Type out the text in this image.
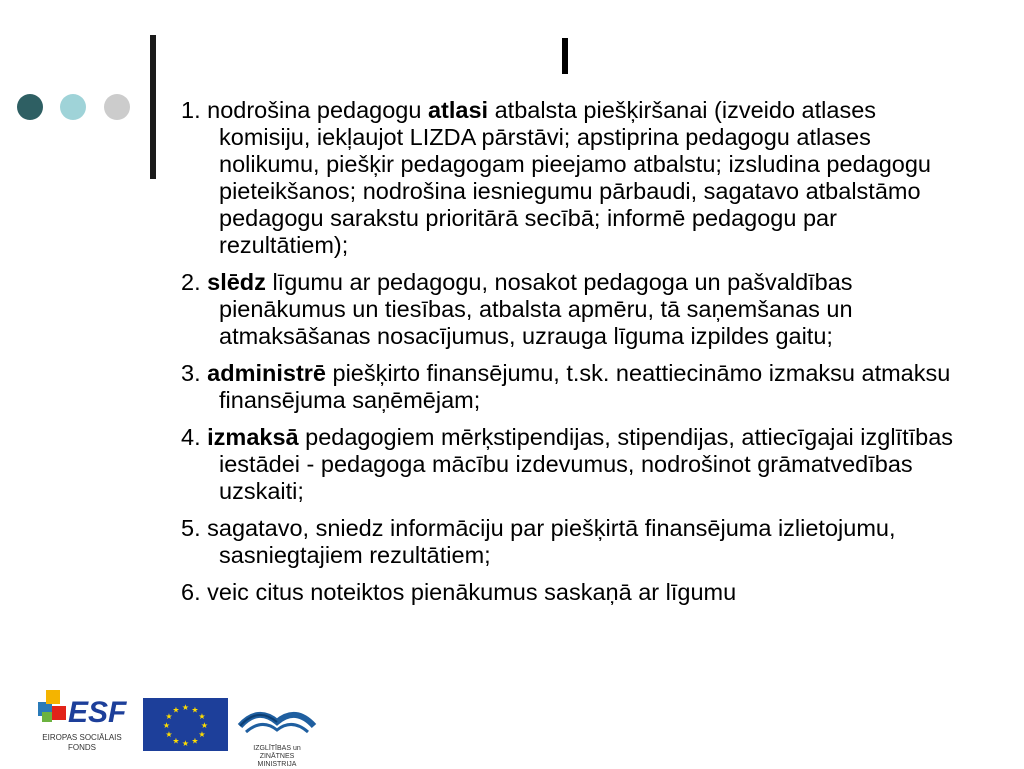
1. nodrošina pedagogu atlasi atbalsta piešķiršanai (izveido atlases komisiju, iekļaujot LIZDA pārstāvi; apstiprina pedagogu atlases nolikumu, piešķir pedagogam pieejamo atbalstu; izsludina pedagogu pieteikšanos; nodrošina iesniegumu pārbaudi, sagatavo atbalstāmo pedagogu sarakstu prioritārā secībā; informē pedagogu par rezultātiem);
2. slēdz līgumu ar pedagogu, nosakot pedagoga un pašvaldības pienākumus un tiesības, atbalsta apmēru, tā saņemšanas un atmaksāšanas nosacījumus, uzrauga līguma izpildes gaitu;
3. administrē piešķirto finansējumu, t.sk. neattiecināmo izmaksu atmaksu finansējuma saņēmējam;
4. izmaksā pedagogiem mērķstipendijas, stipendijas, attiecīgajai izglītības iestādei - pedagoga mācību izdevumus, nodrošinot grāmatvedības uzskaiti;
5. sagatavo, sniedz informāciju par piešķirtā finansējuma izlietojumu, sasniegtajiem rezultātiem;
6. veic citus noteiktos pienākumus saskaņā ar līgumu
ESF
EIROPAS SOCIĀLAIS
FONDS
★ ★
★
★
★
★
★
★
★
★
★
★
IZGLĪTĪBAS un ZINĀTNES
MINISTRIJA
